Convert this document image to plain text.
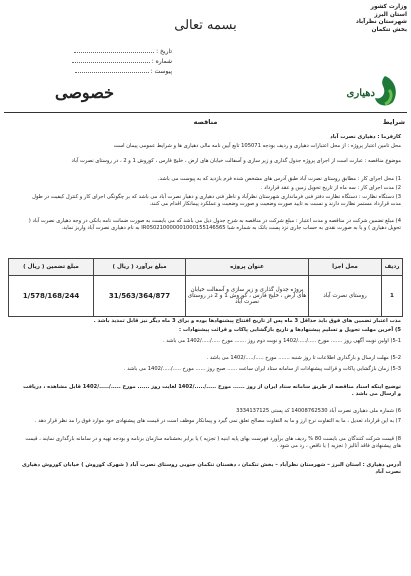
وزارت کشور
استان البرز
شهرستان نظرآباد
بخش تنکمان
بسمه تعالی
تاریخ :
شماره :
پیوست :
دهیاری
خصوصی
شرایط
مناقصه
کارفرما : دهیاری نصرت آباد
محل تامین اعتبار پروژه : از محل اعتبارات دهیاری و ردیف بودجه 105071 تابع آیین نامه مالی دهیاری ها و شرایط عمومی پیمان است
موضوع مناقصه : عبارت است از اجرای پروژه جدول گذاری و زیر سازی و آسفالت خیابان های ارض ، خلیج فارس ، کوروش 1 و 2 ، در روستای نصرت آباد
1) محل اجرای کار : مطابق روستای نصرت آباد طبق آدرس های مشخص شده فرم بازدید که به پیوست می باشد.
2) مدت اجرای کار : سه ماه از تاریخ تحویل زمین و عقد قرارداد .
3) دستگاه نظارت : دستگاه نظارت دفتر فنی فرمانداری شهرستان نظرآباد و ناظر فنی دهیاری و دهیار نصرت آباد می باشد که بر چگونگی اجرای کار و کنترل کیفیت در طول مدت قرارداد مستمر نظارت دارند و نسبت به تایید صورت وضعیت و صورت وضعیت و عملکرد پیمانکار اقدام می کنند.
4) مبلغ تضمین شرکت در مناقصه و مدت اعتبار : مبلغ شرکت در مناقصه به شرح جدول ذیل می باشد که می بایست به صورت ضمانت نامه بانکی در وجه دهیاری نصرت آباد ( تحویل دهیاری ) و یا به صورت نقدی به حساب جاری نزد پست بانک به شماره شبا IR050210000001000155146565 به نام دهیاری نصرت آباد واریز نماید.
ردیف	محل اجرا	عنوان پروژه	مبلغ برآورد ( ریال )	مبلغ تضمین ( ریال )
1	روستای نصرت آباد	پروژه جدول گذاری و زیر سازی و آسفالت خیابان های ارض ، خلیج فارس ، کوروش 1 و 2 در روستای نصرت آباد	31/563/364/877	1/578/168/244
مدت اعتبار تضمین های فوق باید حداقل 3 ماه پس از تاریخ افتتاح پیشنهادها بوده و برای 3 ماه دیگر نیز قابل تمدید باشد .
5) آخرین مهلت تحویل و تسلیم پیشنهادها و تاریخ بازگشایی پاکات و قرائت پیشنهادات :
5-1) اولین نوبت آگهی روز ....... مورخ ...../...../1402 و نوبت دوم روز ....... مورخ ...../...../1402 می باشد .
5-2) مهلت ارسال و بارگذاری اطلاعات تا روز شنبه ....... مورخ ...../...../1402 می باشد .
5-3) زمان بازگشایی پاکات و قرائت پیشنهادات از سامانه ستاد ایران ساعت ...... صبح روز ...... مورخ ...../...../1402 می باشد .
توضیح اینکه اسناد مناقصه از طریق سامانه ستاد ایران از روز ...... مورخ ...../...../1402 لغایت روز ...... مورخ ...../...../1402 قابل مشاهده ، دریافت و ارسال می باشد .
6) شماره ملی دهیاری نصرت آباد 14008762530 کد پستی 3334137125
7) به این قرارداد تعدیل ، ما به التفاوت نرخ ارز و ما به التفاوت مصالح تعلق نمی گیرد و پیمانکار موظف است در قیمت های پیشنهادی خود موارد فوق را مد نظر قرار دهد .
8) قیمت شرکت کنندگان می بایست 80 % ردیف های برآورد فهرست بهای پایه ابنیه ( تجزیه ) یا برابر بخشنامه سازمان برنامه و بودجه تهیه و در سامانه بارگذاری نمایند ، قیمت های پیشنهادی فاقد آنالیز ( تجزیه ) یا ناقص ، رد می شود .
آدرس دهیاری : استان البرز – شهرستان نظرآباد – بخش تنکمان ، دهستان تنکمان جنوبی روستای نصرت آباد ( شهرک کوروش ) خیابان کوروش دهیاری نصرت آباد
